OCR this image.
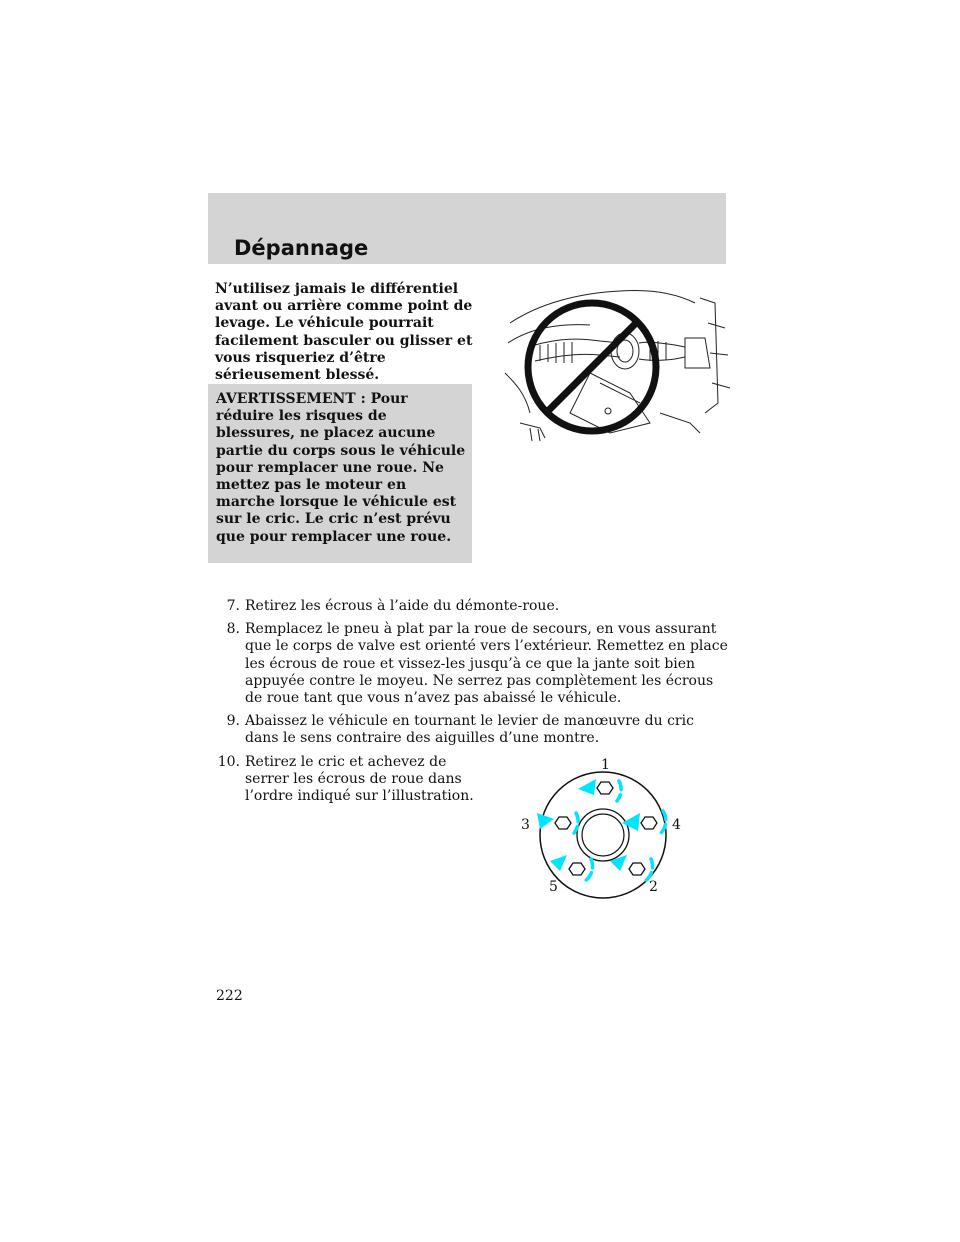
Dépannage

N’utilisez jamais le différentiel avant ou arrière comme point de levage. Le véhicule pourrait facilement basculer ou glisser et vous risqueriez d’être sérieusement blessé.

AVERTISSEMENT : Pour réduire les risques de blessures, ne placez aucune partie du corps sous le véhicule pour remplacer une roue. Ne mettez pas le moteur en marche lorsque le véhicule est sur le cric. Le cric n’est prévu que pour remplacer une roue.

7. Retirez les écrous à l’aide du démonte-roue.
8. Remplacez le pneu à plat par la roue de secours, en vous assurant que le corps de valve est orienté vers l’extérieur. Remettez en place les écrous de roue et vissez-les jusqu’à ce que la jante soit bien appuyée contre le moyeu. Ne serrez pas complètement les écrous de roue tant que vous n’avez pas abaissé le véhicule.
9. Abaissez le véhicule en tournant le levier de manœuvre du cric dans le sens contraire des aiguilles d’une montre.
10. Retirez le cric et achevez de serrer les écrous de roue dans l’ordre indiqué sur l’illustration.
1
2
3	4
5
222
